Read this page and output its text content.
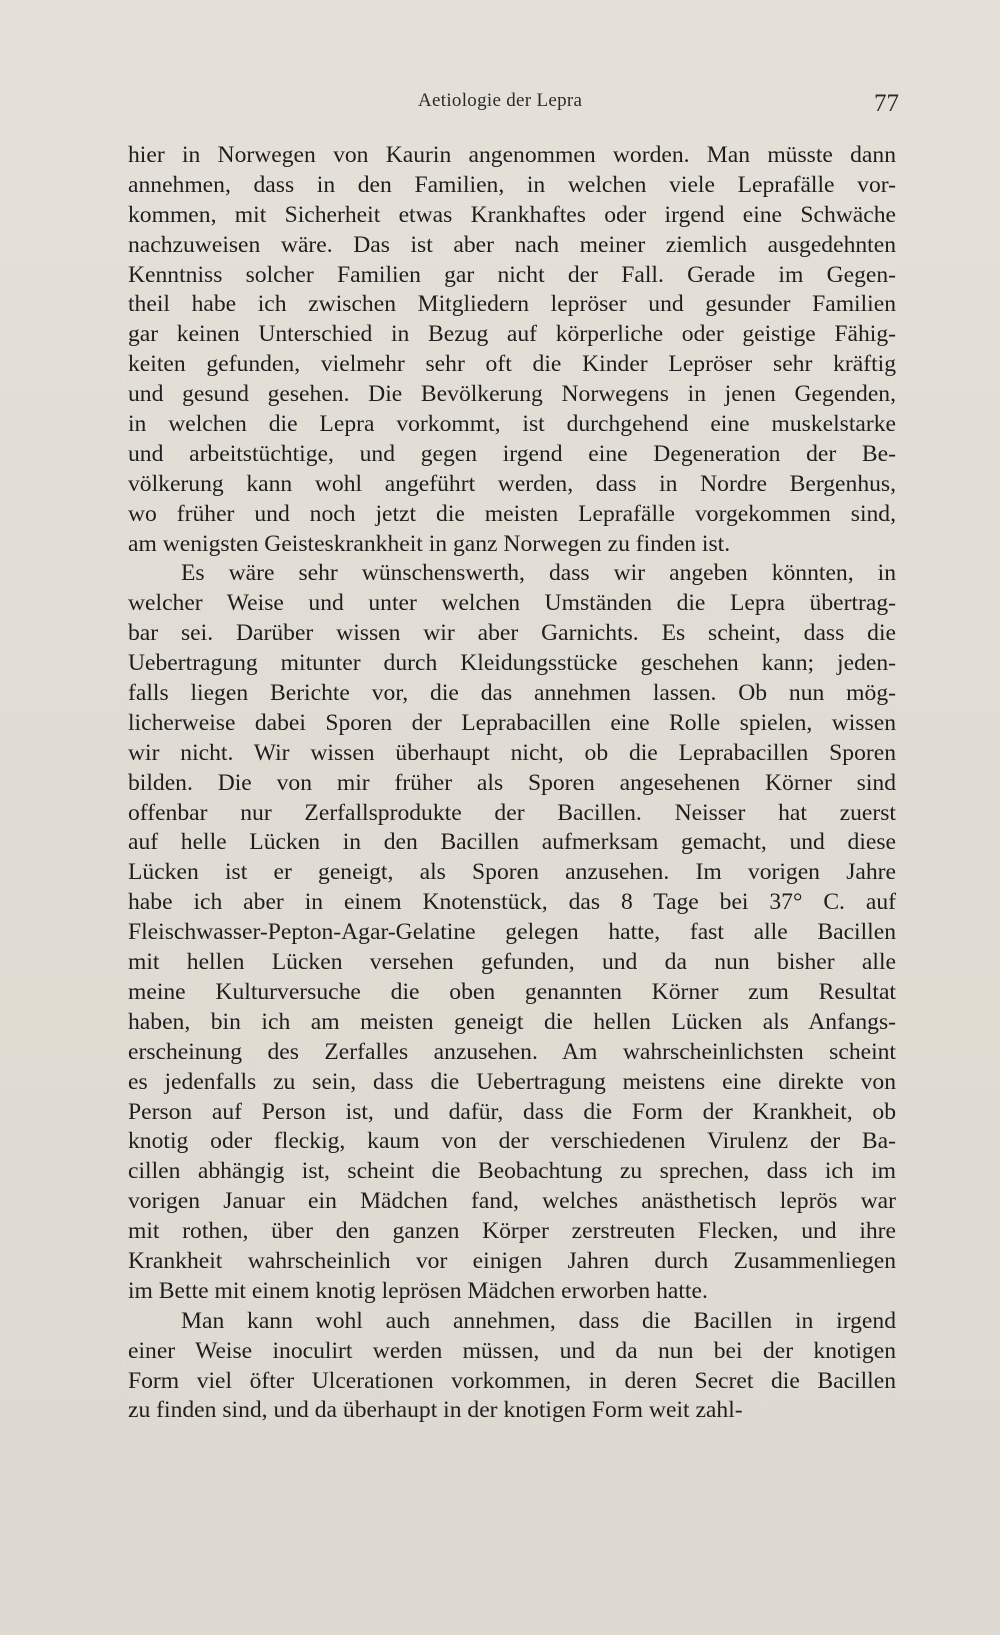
Aetiologie der Lepra	77
hier in Norwegen von Kaurin angenommen worden. Man müsste dann
annehmen, dass in den Familien, in welchen viele Leprafälle vor-
kommen, mit Sicherheit etwas Krankhaftes oder irgend eine Schwäche
nachzuweisen wäre. Das ist aber nach meiner ziemlich ausgedehnten
Kenntniss solcher Familien gar nicht der Fall. Gerade im Gegen-
theil habe ich zwischen Mitgliedern lepröser und gesunder Familien
gar keinen Unterschied in Bezug auf körperliche oder geistige Fähig-
keiten gefunden, vielmehr sehr oft die Kinder Lepröser sehr kräftig
und gesund gesehen. Die Bevölkerung Norwegens in jenen Gegenden,
in welchen die Lepra vorkommt, ist durchgehend eine muskelstarke
und arbeitstüchtige, und gegen irgend eine Degeneration der Be-
völkerung kann wohl angeführt werden, dass in Nordre Bergenhus,
wo früher und noch jetzt die meisten Leprafälle vorgekommen sind,
am wenigsten Geisteskrankheit in ganz Norwegen zu finden ist.
Es wäre sehr wünschenswerth, dass wir angeben könnten, in
welcher Weise und unter welchen Umständen die Lepra übertrag-
bar sei. Darüber wissen wir aber Garnichts. Es scheint, dass die
Uebertragung mitunter durch Kleidungsstücke geschehen kann; jeden-
falls liegen Berichte vor, die das annehmen lassen. Ob nun mög-
licherweise dabei Sporen der Leprabacillen eine Rolle spielen, wissen
wir nicht. Wir wissen überhaupt nicht, ob die Leprabacillen Sporen
bilden. Die von mir früher als Sporen angesehenen Körner sind
offenbar nur Zerfallsprodukte der Bacillen. Neisser hat zuerst
auf helle Lücken in den Bacillen aufmerksam gemacht, und diese
Lücken ist er geneigt, als Sporen anzusehen. Im vorigen Jahre
habe ich aber in einem Knotenstück, das 8 Tage bei 37° C. auf
Fleischwasser-Pepton-Agar-Gelatine gelegen hatte, fast alle Bacillen
mit hellen Lücken versehen gefunden, und da nun bisher alle
meine Kulturversuche die oben genannten Körner zum Resultat
haben, bin ich am meisten geneigt die hellen Lücken als Anfangs-
erscheinung des Zerfalles anzusehen. Am wahrscheinlichsten scheint
es jedenfalls zu sein, dass die Uebertragung meistens eine direkte von
Person auf Person ist, und dafür, dass die Form der Krankheit, ob
knotig oder fleckig, kaum von der verschiedenen Virulenz der Ba-
cillen abhängig ist, scheint die Beobachtung zu sprechen, dass ich im
vorigen Januar ein Mädchen fand, welches anästhetisch leprös war
mit rothen, über den ganzen Körper zerstreuten Flecken, und ihre
Krankheit wahrscheinlich vor einigen Jahren durch Zusammenliegen
im Bette mit einem knotig leprösen Mädchen erworben hatte.
Man kann wohl auch annehmen, dass die Bacillen in irgend
einer Weise inoculirt werden müssen, und da nun bei der knotigen
Form viel öfter Ulcerationen vorkommen, in deren Secret die Bacillen
zu finden sind, und da überhaupt in der knotigen Form weit zahl-
